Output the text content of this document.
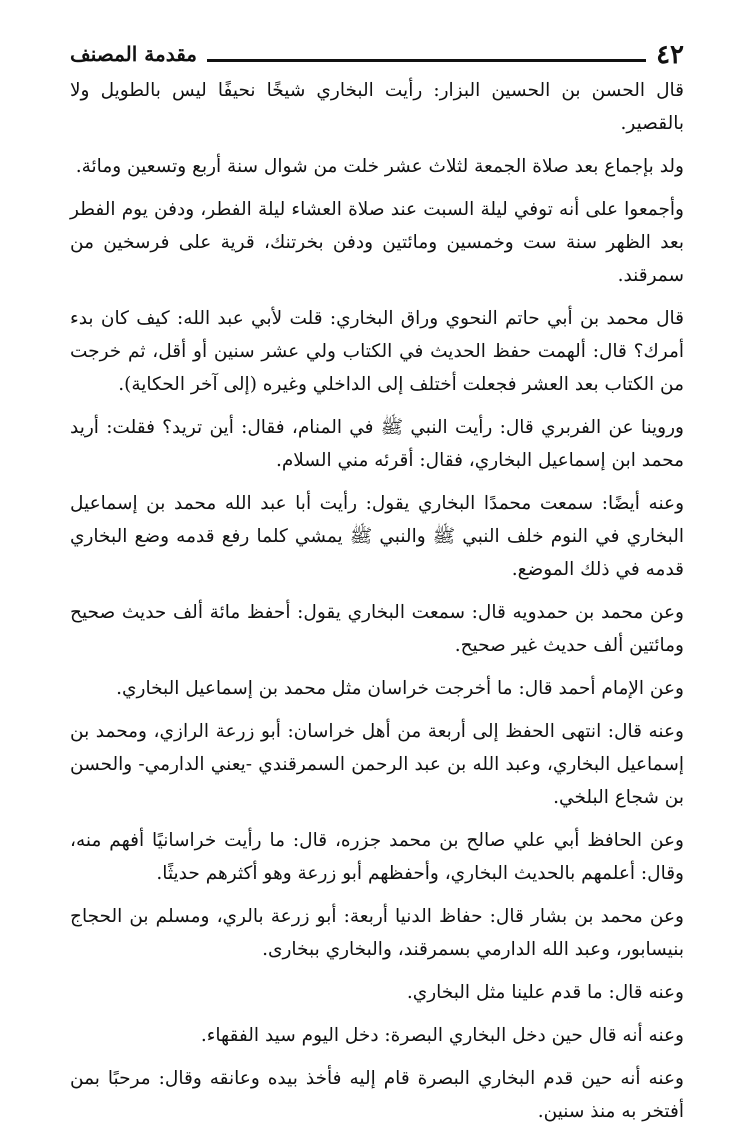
٤٢
مقدمة المصنف

قال الحسن بن الحسين البزار: رأيت البخاري شيخًا نحيفًا ليس بالطويل ولا بالقصير.

ولد بإجماع بعد صلاة الجمعة لثلاث عشر خلت من شوال سنة أربع وتسعين ومائة.

وأجمعوا على أنه توفي ليلة السبت عند صلاة العشاء ليلة الفطر، ودفن يوم الفطر بعد الظهر سنة ست وخمسين ومائتين ودفن بخرتنك، قرية على فرسخين من سمرقند.

قال محمد بن أبي حاتم النحوي وراق البخاري: قلت لأبي عبد الله: كيف كان بدء أمرك؟ قال: ألهمت حفظ الحديث في الكتاب ولي عشر سنين أو أقل، ثم خرجت من الكتاب بعد العشر فجعلت أختلف إلى الداخلي وغيره (إلى آخر الحكاية).

وروينا عن الفربري قال: رأيت النبي ﷺ في المنام، فقال: أين تريد؟ فقلت: أريد محمد ابن إسماعيل البخاري، فقال: أقرئه مني السلام.

وعنه أيضًا: سمعت محمدًا البخاري يقول: رأيت أبا عبد الله محمد بن إسماعيل البخاري في النوم خلف النبي ﷺ والنبي ﷺ يمشي كلما رفع قدمه وضع البخاري قدمه في ذلك الموضع.

وعن محمد بن حمدويه قال: سمعت البخاري يقول: أحفظ مائة ألف حديث صحيح ومائتين ألف حديث غير صحيح.

وعن الإمام أحمد قال: ما أخرجت خراسان مثل محمد بن إسماعيل البخاري.

وعنه قال: انتهى الحفظ إلى أربعة من أهل خراسان: أبو زرعة الرازي، ومحمد بن إسماعيل البخاري، وعبد الله بن عبد الرحمن السمرقندي -يعني الدارمي- والحسن بن شجاع البلخي.

وعن الحافظ أبي علي صالح بن محمد جزره، قال: ما رأيت خراسانيًا أفهم منه، وقال: أعلمهم بالحديث البخاري، وأحفظهم أبو زرعة وهو أكثرهم حديثًا.

وعن محمد بن بشار قال: حفاظ الدنيا أربعة: أبو زرعة بالري، ومسلم بن الحجاج بنيسابور، وعبد الله الدارمي بسمرقند، والبخاري ببخارى.

وعنه قال: ما قدم علينا مثل البخاري.

وعنه أنه قال حين دخل البخاري البصرة: دخل اليوم سيد الفقهاء.

وعنه أنه حين قدم البخاري البصرة قام إليه فأخذ بيده وعانقه وقال: مرحبًا بمن أفتخر به منذ سنين.
